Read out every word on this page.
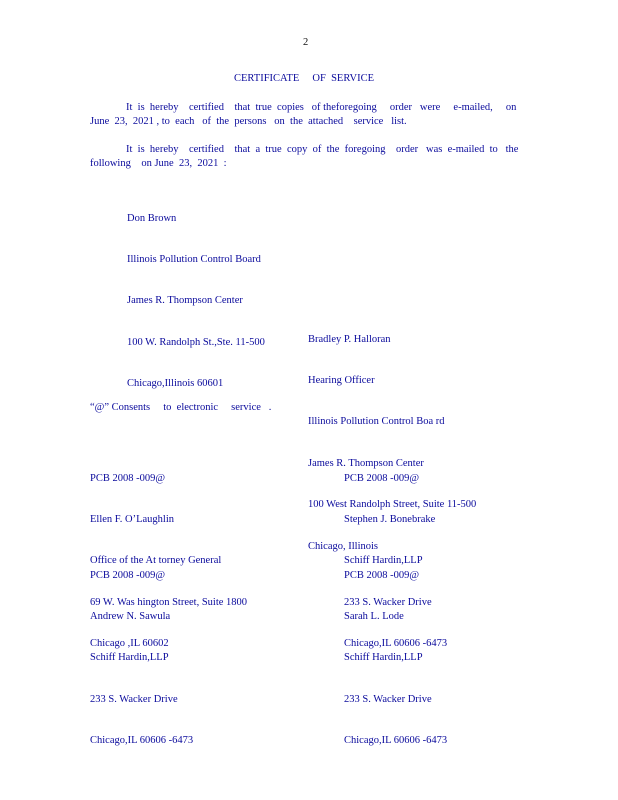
2
CERTIFICATE     OF  SERVICE

It  is  hereby    certified    that  true  copies   of theforegoing     order   were     e-mailed,     on

June  23,  2021 , to  each   of  the  persons   on  the  attached    service   list.

It  is  hereby    certified    that  a  true  copy  of  the  foregoing    order   was  e-mailed  to   the

following    on June  23,  2021  :

Don Brown

Illinois Pollution Control Board

James R. Thompson Center

100 W. Randolph St.,Ste. 11-500

Chicago,Illinois 60601

Bradley P. Halloran

Hearing Officer

Illinois Pollution Control Boa rd

James R. Thompson Center

100 West Randolph Street, Suite 11-500

Chicago, Illinois

“@” Consents     to  electronic     service   .

PCB 2008 -009@

Ellen F. O’Laughlin

Office of the At torney General

69 W. Was hington Street, Suite 1800

Chicago ,IL 60602

PCB 2008 -009@

Stephen J. Bonebrake

Schiff Hardin,LLP

233 S. Wacker Drive

Chicago,IL 60606 -6473

PCB 2008 -009@

Andrew N. Sawula

Schiff Hardin,LLP

233 S. Wacker Drive

Chicago,IL 60606 -6473

PCB 2008 -009@

Sarah L. Lode

Schiff Hardin,LLP

233 S. Wacker Drive

Chicago,IL 60606 -6473
